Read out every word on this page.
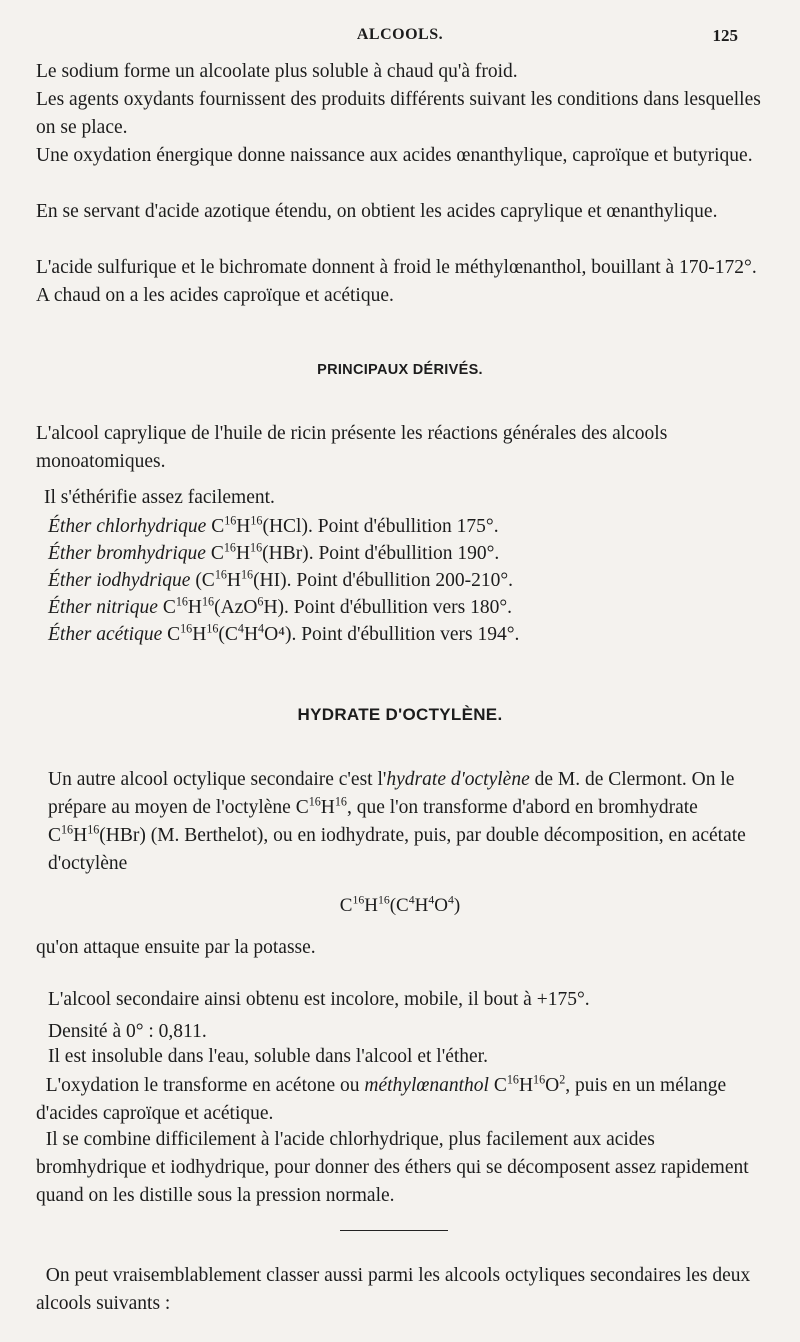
ALCOOLS.	125

Le sodium forme un alcoolate plus soluble à chaud qu'à froid.

Les agents oxydants fournissent des produits différents suivant les conditions dans lesquelles on se place.

Une oxydation énergique donne naissance aux acides œnanthylique, caproïque et butyrique.

En se servant d'acide azotique étendu, on obtient les acides caprylique et œnanthylique.

L'acide sulfurique et le bichromate donnent à froid le méthylœnanthol, bouillant à 170-172°. A chaud on a les acides caproïque et acétique.

PRINCIPAUX DÉRIVÉS.

L'alcool caprylique de l'huile de ricin présente les réactions générales des alcools monoatomiques.

Il s'éthérifie assez facilement.

Éther chlorhydrique $C^{16}H^{16}(HCl)$. Point d'ébullition 175°.
Éther bromhydrique $C^{16}H^{16}(HBr)$. Point d'ébullition 190°.
Éther iodhydrique ($C^{16}H^{16}(HI)$. Point d'ébullition 200-210°.
Éther nitrique $C^{16}H^{16}(AzO^6H)$. Point d'ébullition vers 180°.
Éther acétique $C^{16}H^{16}(C^4H^4O^4)$. Point d'ébullition vers 194°.
HYDRATE D'OCTYLÈNE.

Un autre alcool octylique secondaire c'est l'hydrate d'octylène de M. de Clermont. On le prépare au moyen de l'octylène $C^{16}H^{16}$, que l'on transforme d'abord en bromhydrate $C^{16}H^{16}(HBr)$ (M. Berthelot), ou en iodhydrate, puis, par double décomposition, en acétate d'octylène

$C^{16}H^{16}(C^4H^4O^4)$

qu'on attaque ensuite par la potasse.

L'alcool secondaire ainsi obtenu est incolore, mobile, il bout à +175°.

Densité à 0° : 0,811.

Il est insoluble dans l'eau, soluble dans l'alcool et l'éther.

L'oxydation le transforme en acétone ou méthylœnanthol $C^{16}H^{16}O^2$, puis en un mélange d'acides caproïque et acétique.

Il se combine difficilement à l'acide chlorhydrique, plus facilement aux acides bromhydrique et iodhydrique, pour donner des éthers qui se décomposent assez rapidement quand on les distille sous la pression normale.

On peut vraisemblablement classer aussi parmi les alcools octyliques secondaires les deux alcools suivants :
